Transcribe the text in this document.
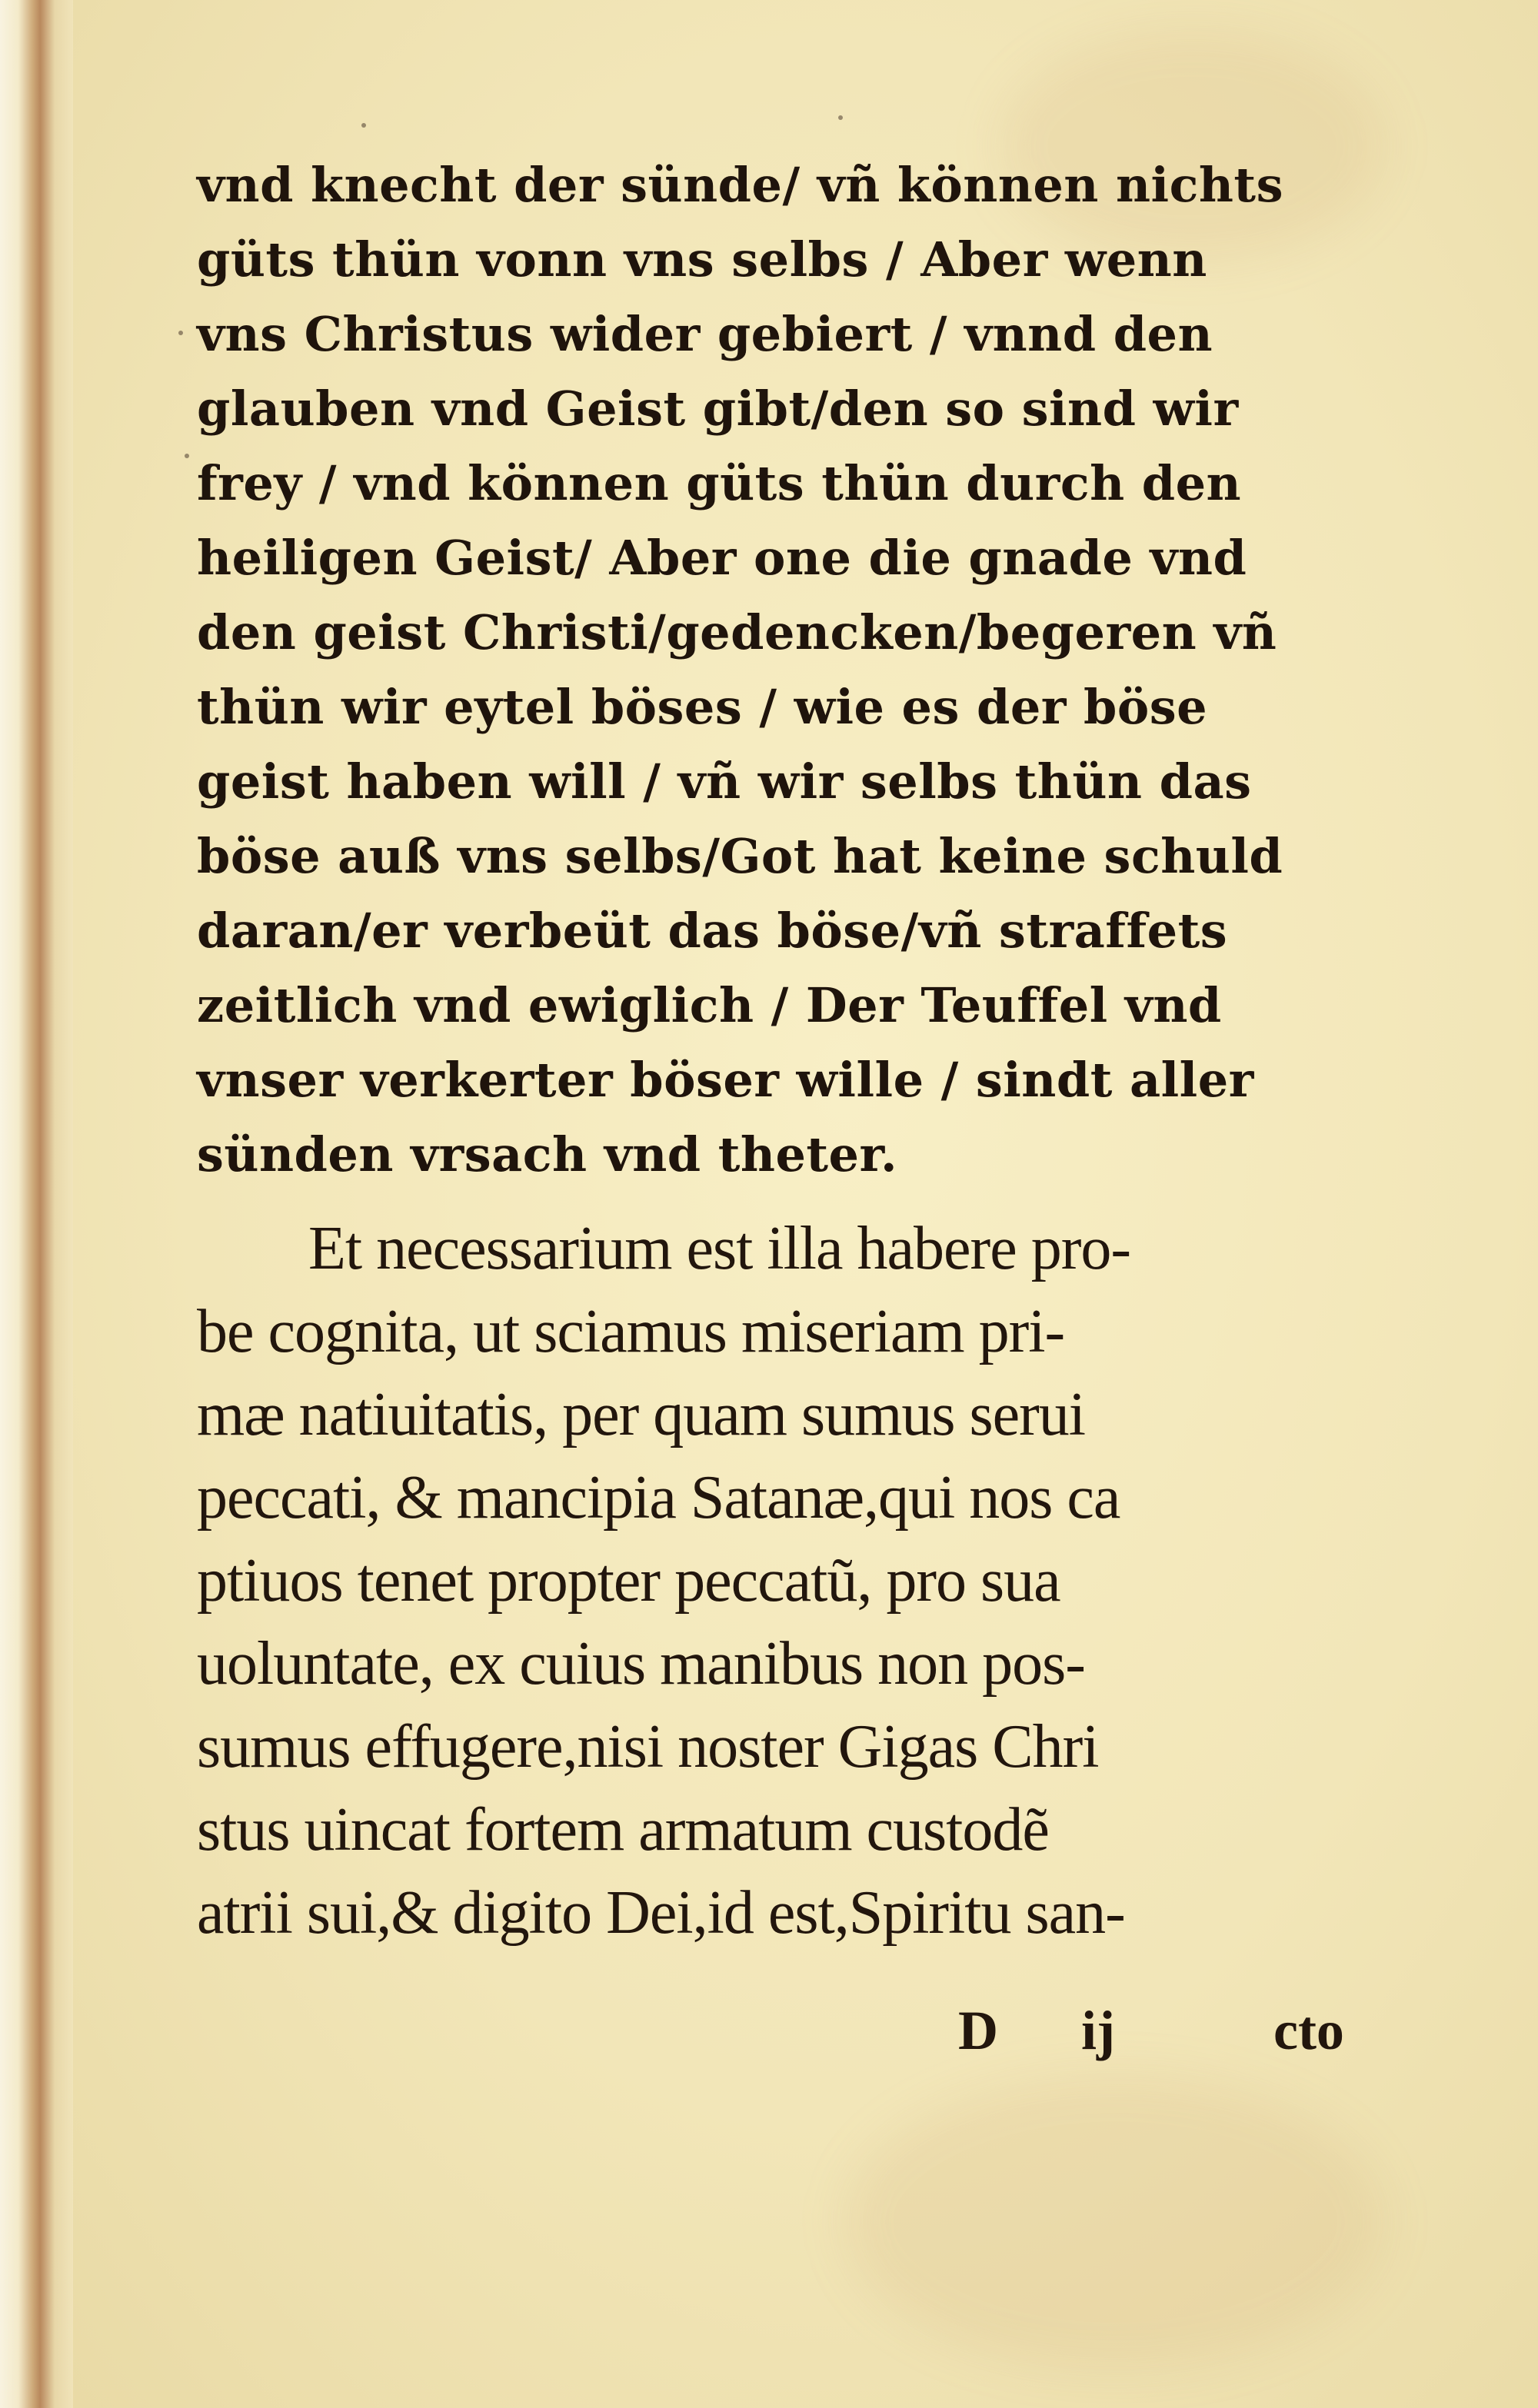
vnd knecht der sünde/ vñ können nichts
güts thün vonn vns selbs / Aber wenn
vns Christus wider gebiert / vnnd den
glauben vnd Geist gibt/den so sind wir
frey / vnd können güts thün durch den
heiligen Geist/ Aber one die gnade vnd
den geist Christi/gedencken/begeren vñ
thün wir eytel böses / wie es der böse
geist haben will / vñ wir selbs thün das
böse auß vns selbs/Got hat keine schuld
daran/er verbeüt das böse/vñ straffets
zeitlich vnd ewiglich / Der Teuffel vnd
vnser verkerter böser wille / sindt aller
sünden vrsach vnd theter.
Et necessarium est illa habere pro-
be cognita, ut sciamus miseriam pri-
mæ natiuitatis, per quam sumus serui
peccati, & mancipia Satanæ,qui nos ca
ptiuos tenet propter peccatũ, pro sua
uoluntate, ex cuius manibus non pos-
sumus effugere,nisi noster Gigas Chri
stus uincat fortem armatum custodẽ
atrii sui,& digito Dei,id est,Spiritu san-
D ij	cto
